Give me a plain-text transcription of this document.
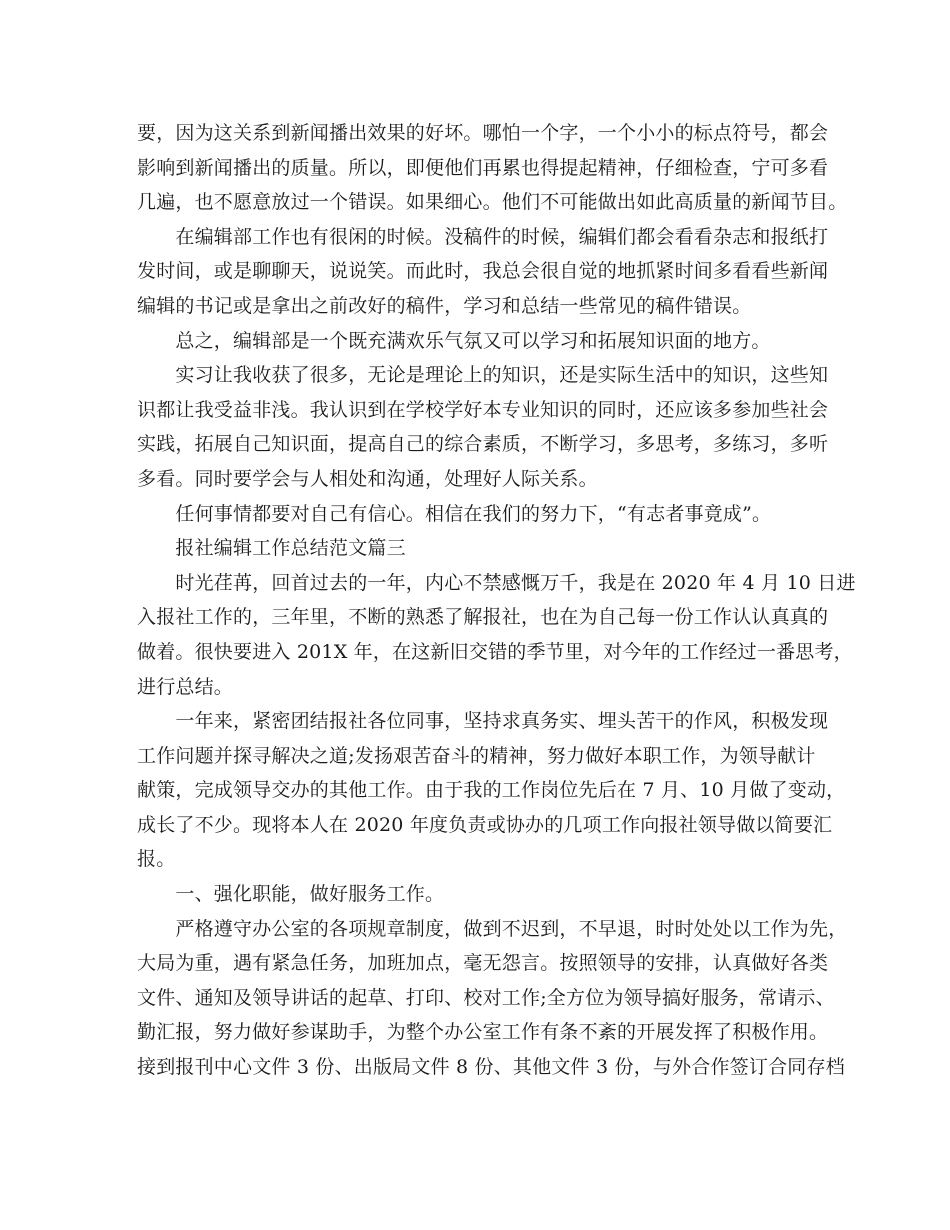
要，因为这关系到新闻播出效果的好坏。哪怕一个字，一个小小的标点符号，都会
影响到新闻播出的质量。所以，即便他们再累也得提起精神，仔细检查，宁可多看
几遍，也不愿意放过一个错误。如果细心。他们不可能做出如此高质量的新闻节目。
　　在编辑部工作也有很闲的时候。没稿件的时候，编辑们都会看看杂志和报纸打
发时间，或是聊聊天，说说笑。而此时，我总会很自觉的地抓紧时间多看看些新闻
编辑的书记或是拿出之前改好的稿件，学习和总结一些常见的稿件错误。
　　总之，编辑部是一个既充满欢乐气氛又可以学习和拓展知识面的地方。
　　实习让我收获了很多，无论是理论上的知识，还是实际生活中的知识，这些知
识都让我受益非浅。我认识到在学校学好本专业知识的同时，还应该多参加些社会
实践，拓展自己知识面，提高自己的综合素质，不断学习，多思考，多练习，多听
多看。同时要学会与人相处和沟通，处理好人际关系。
　　任何事情都要对自己有信心。相信在我们的努力下，“有志者事竟成”。
　　报社编辑工作总结范文篇三
　　时光荏苒，回首过去的一年，内心不禁感慨万千，我是在 2020 年 4 月 10 日进
入报社工作的，三年里，不断的熟悉了解报社，也在为自己每一份工作认认真真的
做着。很快要进入 201X 年，在这新旧交错的季节里，对今年的工作经过一番思考，
进行总结。
　　一年来，紧密团结报社各位同事，坚持求真务实、埋头苦干的作风，积极发现
工作问题并探寻解决之道;发扬艰苦奋斗的精神，努力做好本职工作，为领导献计
献策，完成领导交办的其他工作。由于我的工作岗位先后在 7 月、10 月做了变动，
成长了不少。现将本人在 2020 年度负责或协办的几项工作向报社领导做以简要汇
报。
　　一、强化职能，做好服务工作。
　　严格遵守办公室的各项规章制度，做到不迟到，不早退，时时处处以工作为先，
大局为重，遇有紧急任务，加班加点，毫无怨言。按照领导的安排，认真做好各类
文件、通知及领导讲话的起草、打印、校对工作;全方位为领导搞好服务，常请示、
勤汇报，努力做好参谋助手，为整个办公室工作有条不紊的开展发挥了积极作用。
接到报刊中心文件 3 份、出版局文件 8 份、其他文件 3 份，与外合作签订合同存档
